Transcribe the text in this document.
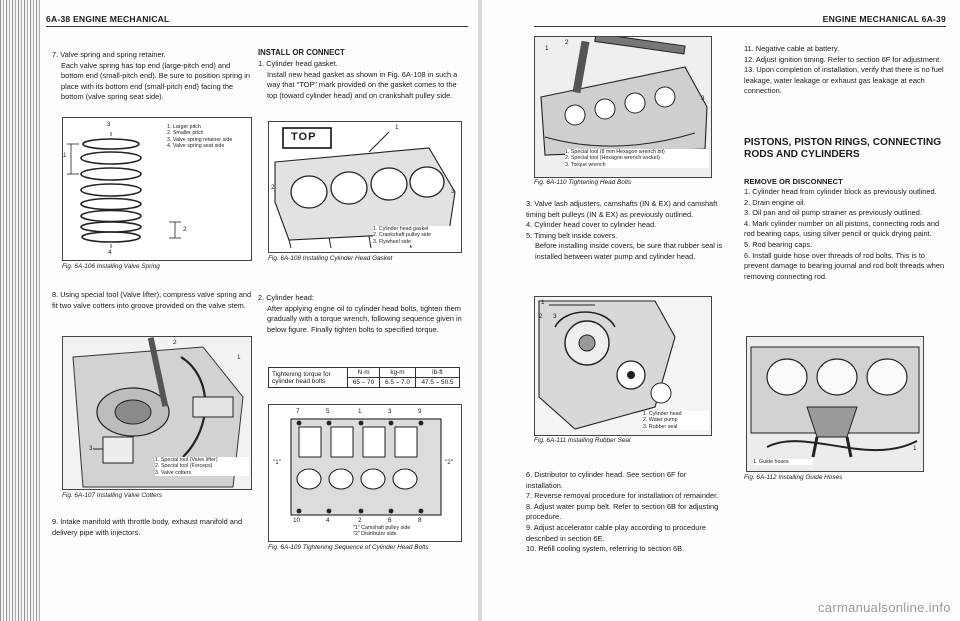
6A-38 ENGINE MECHANICAL

7. Valve spring and spring retainer.

Each valve spring has top end (large-pitch end) and bottom end (small-pitch end). Be sure to position spring in place with its bottom end (small-pitch end) facing the bottom (valve spring seat side).

3
1
2
4
1. Larger pitch
2. Smaller pitch
3. Valve spring retainer side
4. Valve spring seat side
Fig. 6A-106 Installing Valve Spring

8. Using special tool (Valve lifter), compress valve spring and fit two valve cotters into groove provided on the valve stem.

2
1
3
1. Special tool (Valve lifter)
2. Special tool (Forceps)
3. Valve cotters
Fig. 6A-107 Installing Valve Cotters

9. Intake manifold with throttle body, exhaust manifold and delivery pipe with injectors.

INSTALL OR CONNECT

1. Cylinder head gasket.

Install new head gasket as shown in Fig. 6A-108 in such a way that "TOP" mark provided on the gasket comes to the top (toward cylinder head) and on crankshaft pulley side.

TOP
1
2
3
1. Cylinder head gasket
2. Crankshaft pulley side
3. Flywheel side
Fig. 6A-108 Installing Cylinder Head Gasket

2. Cylinder head:

After applying engne oil to cylinder head bolts, tighten them gradually with a torque wrench, following sequence given in below figure. Finally tighten bolts to specified torque.

Tightening torque for cylinder head bolts	N·m	kg-m	lb-ft
	65 – 70	6.5 – 7.0	47.5 – 50.5
7	5	1	3	9
10	4	2	6	8
"1"	"2"
"1" Camshaft pulley side
"2" Distributor side
Fig. 6A-109 Tightening Sequence of Cylinder Head Bolts
ENGINE MECHANICAL 6A-39
1
2
3
1. Special tool (8 mm Hexagon wrench bit)
2. Special tool (Hexagon wrench socket)
3. Torque wrench
Fig. 6A-110 Tightening Head Bolts

3. Valve lash adjusters, camshafts (IN & EX) and camshaft timing belt pulleys (IN & EX) as previously outlined.

4. Cylinder head cover to cylinder head.

5. Timing belt inside covers.

Before installing inside covers, be sure that rubber seal is installed between water pump and cylinder head.

1
2 3
1. Cylinder head
2. Water pump
3. Rubber seal
Fig. 6A-111 Installing Rubber Seal

6. Distributor to cylinder head. See section 6F for installation.

7. Reverse removal procedure for installation of remainder.

8. Adjust water pump belt. Refer to section 6B for adjusting procedure.

9. Adjust accelerator cable play according to procedure described in section 6E.

10. Refill cooling system, referring to section 6B.

11. Negative cable at battery.

12. Adjust ignition timing. Refer to section 6F for adjustment.

13. Upon completion of installation, verify that there is no fuel leakage, water leakage or exhaust gas leakage at each connection.

PISTONS, PISTON RINGS, CONNECTING RODS AND CYLINDERS
REMOVE OR DISCONNECT

1. Cylinder head from cylinder block as previously outlined.

2. Drain engine oil.

3. Oil pan and oil pump strainer as previously outlined.

4. Mark cylinder number on all pistons, connecting rods and rod bearing caps, using silver pencil or quick drying paint.

5. Rod bearing caps.

6. Install guide hose over threads of rod bolts. This is to prevent damage to bearing journal and rod bolt threads when removing connecting rod.

1
1. Guide hoses
Fig. 6A-112 Installing Guide Hoses
carmanualsonline.info
